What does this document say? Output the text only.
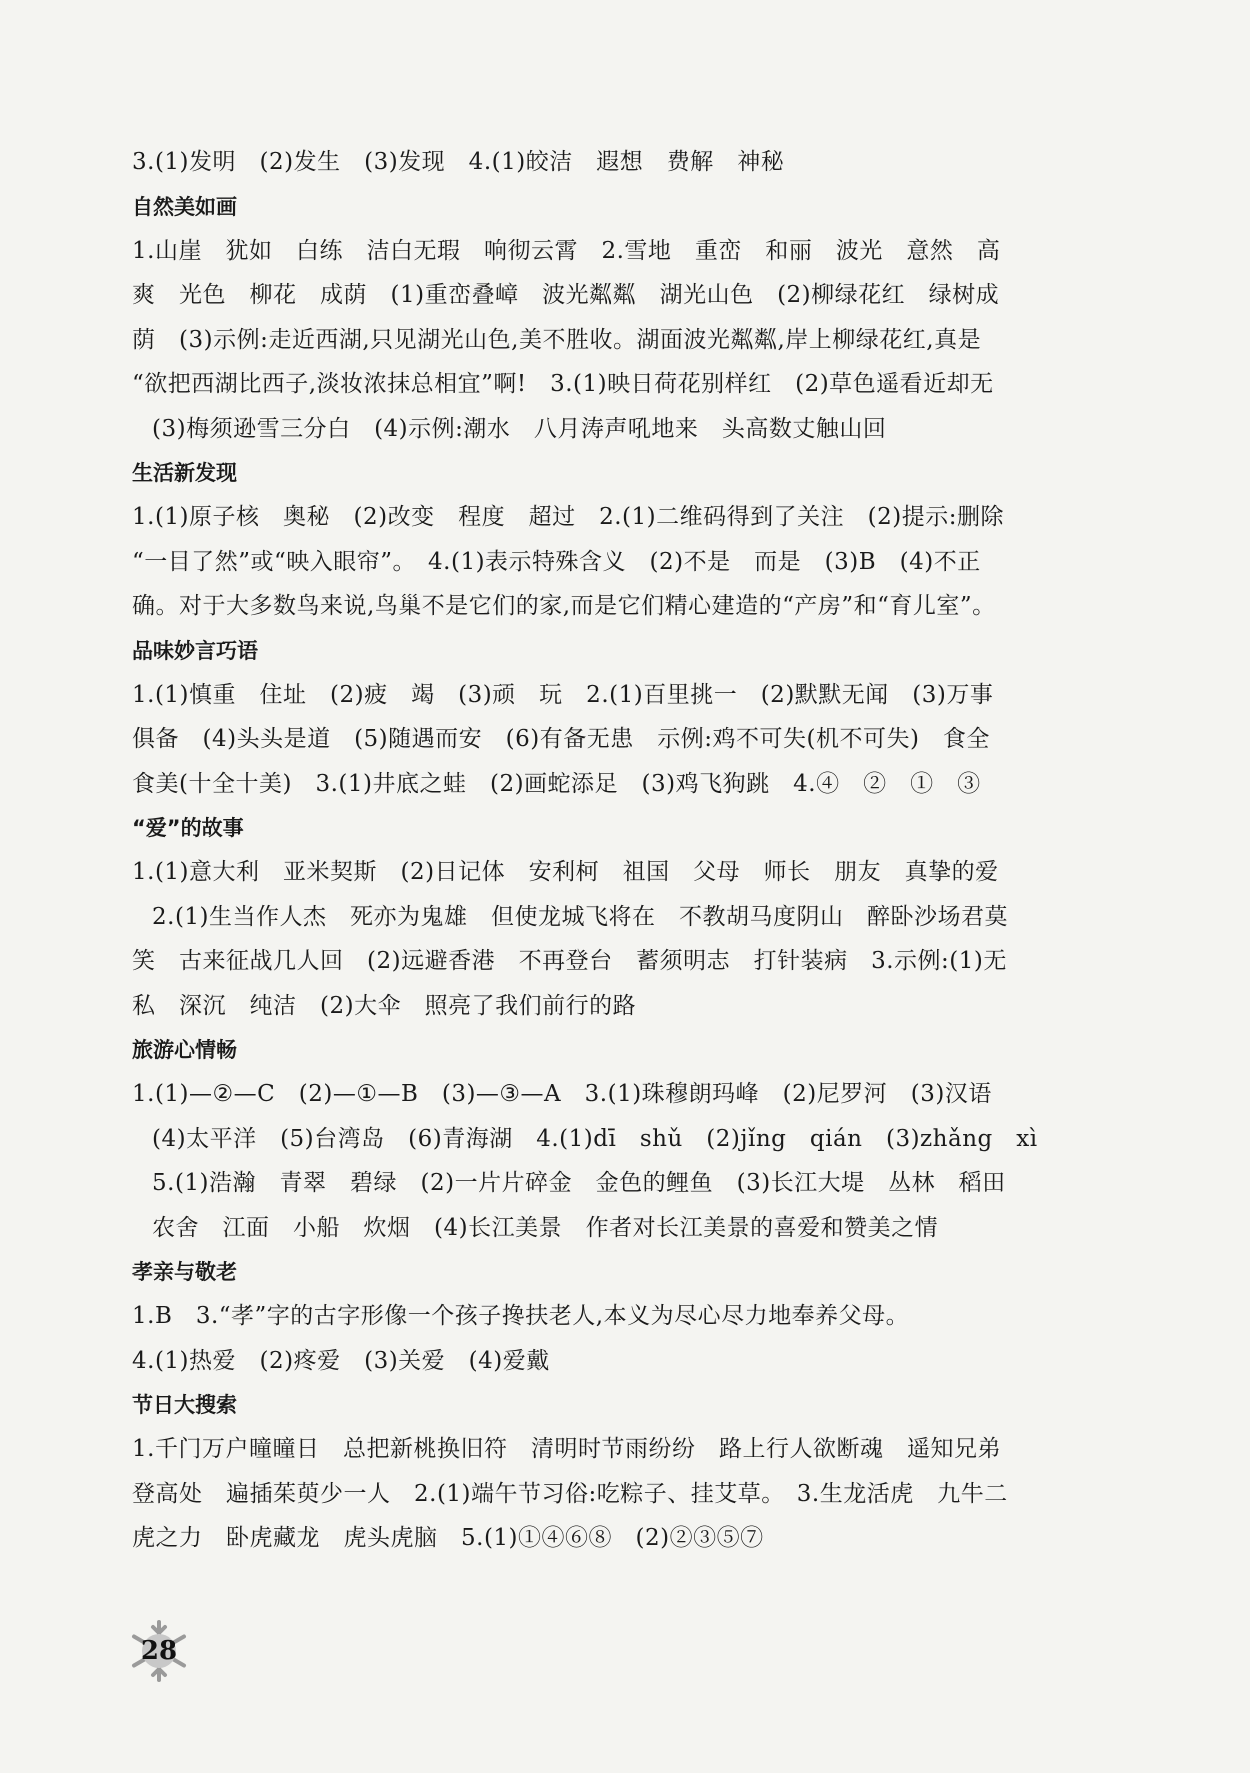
3.(1)发明　(2)发生　(3)发现　4.(1)皎洁　遐想　费解　神秘
自然美如画
1.山崖　犹如　白练　洁白无瑕　响彻云霄　2.雪地　重峦　和丽　波光　意然　高
爽　光色　柳花　成荫　(1)重峦叠嶂　波光粼粼　湖光山色　(2)柳绿花红　绿树成
荫　(3)示例:走近西湖,只见湖光山色,美不胜收。湖面波光粼粼,岸上柳绿花红,真是
“欲把西湖比西子,淡妆浓抹总相宜”啊!　3.(1)映日荷花别样红　(2)草色遥看近却无
(3)梅须逊雪三分白　(4)示例:潮水　八月涛声吼地来　头高数丈触山回
生活新发现
1.(1)原子核　奥秘　(2)改变　程度　超过　2.(1)二维码得到了关注　(2)提示:删除
“一目了然”或“映入眼帘”。　4.(1)表示特殊含义　(2)不是　而是　(3)B　(4)不正
确。对于大多数鸟来说,鸟巢不是它们的家,而是它们精心建造的“产房”和“育儿室”。
品味妙言巧语
1.(1)慎重　住址　(2)疲　竭　(3)顽　玩　2.(1)百里挑一　(2)默默无闻　(3)万事
俱备　(4)头头是道　(5)随遇而安　(6)有备无患　示例:鸡不可失(机不可失)　食全
食美(十全十美)　3.(1)井底之蛙　(2)画蛇添足　(3)鸡飞狗跳　4.④　②　①　③
“爱”的故事
1.(1)意大利　亚米契斯　(2)日记体　安利柯　祖国　父母　师长　朋友　真挚的爱
2.(1)生当作人杰　死亦为鬼雄　但使龙城飞将在　不教胡马度阴山　醉卧沙场君莫
笑　古来征战几人回　(2)远避香港　不再登台　蓄须明志　打针装病　3.示例:(1)无
私　深沉　纯洁　(2)大伞　照亮了我们前行的路
旅游心情畅
1.(1)—②—C　(2)—①—B　(3)—③—A　3.(1)珠穆朗玛峰　(2)尼罗河　(3)汉语
(4)太平洋　(5)台湾岛　(6)青海湖　4.(1)dī　shǔ　(2)jǐng　qián　(3)zhǎng　xì
5.(1)浩瀚　青翠　碧绿　(2)一片片碎金　金色的鲤鱼　(3)长江大堤　丛林　稻田
农舍　江面　小船　炊烟　(4)长江美景　作者对长江美景的喜爱和赞美之情
孝亲与敬老
1.B　3.“孝”字的古字形像一个孩子搀扶老人,本义为尽心尽力地奉养父母。
4.(1)热爱　(2)疼爱　(3)关爱　(4)爱戴
节日大搜索
1.千门万户曈曈日　总把新桃换旧符　清明时节雨纷纷　路上行人欲断魂　遥知兄弟
登高处　遍插茱萸少一人　2.(1)端午节习俗:吃粽子、挂艾草。　3.生龙活虎　九牛二
虎之力　卧虎藏龙　虎头虎脑　5.(1)①④⑥⑧　(2)②③⑤⑦
28
